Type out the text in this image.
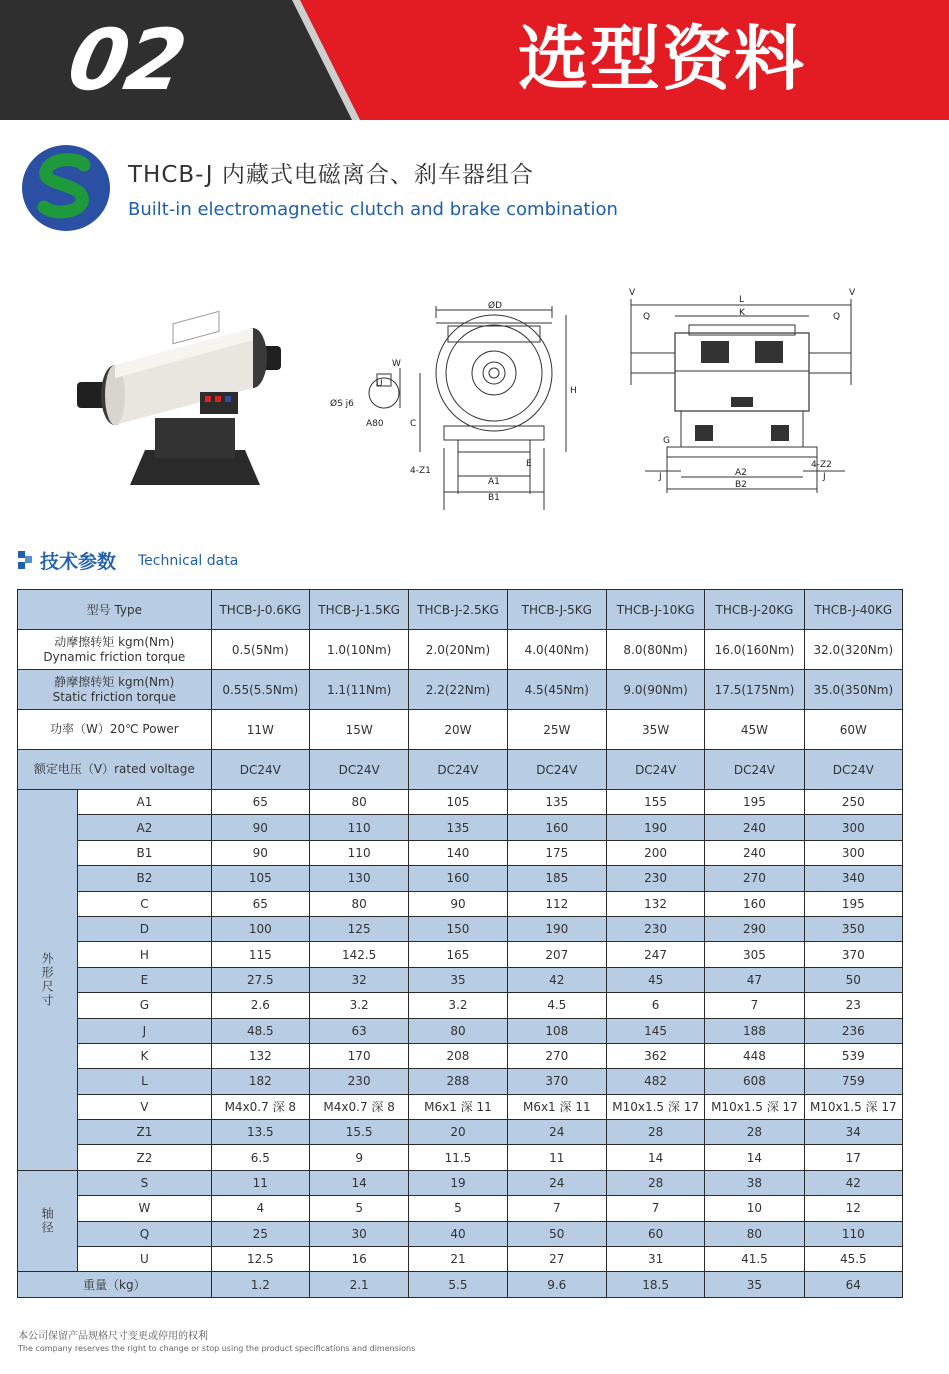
02	选型资料
THCB-J 内藏式电磁离合、刹车器组合
Built-in electromagnetic clutch and brake combination
ØD
ØS j6
W
U
A80	C
H
4-Z1
E
A1
B1
V	V
L
K
Q	Q
G
J	J
4-Z2
A2
B2
技术参数 Technical data
型号 Type		THCB-J-0.6KG	THCB-J-1.5KG	THCB-J-2.5KG	THCB-J-5KG	THCB-J-10KG	THCB-J-20KG	THCB-J-40KG

动摩擦转矩 kgm(Nm)
Dynamic friction torque		0.5(5Nm)	1.0(10Nm)	2.0(20Nm)	4.0(40Nm)	8.0(80Nm)	16.0(160Nm)	32.0(320Nm)

静摩擦转矩 kgm(Nm)
Static friction torque		0.55(5.5Nm)	1.1(11Nm)	2.2(22Nm)	4.5(45Nm)	9.0(90Nm)	17.5(175Nm)	35.0(350Nm)

功率（W）20℃ Power		11W	15W	20W	25W	35W	45W	60W

额定电压（V）rated voltage		DC24V	DC24V	DC24V	DC24V	DC24V	DC24V	DC24V

外形尺寸	A1	65	80	105	135	155	195	250
	A2	90	110	135	160	190	240	300
	B1	90	110	140	175	200	240	300
	B2	105	130	160	185	230	270	340
	C	65	80	90	112	132	160	195
	D	100	125	150	190	230	290	350
	H	115	142.5	165	207	247	305	370
	E	27.5	32	35	42	45	47	50
	G	2.6	3.2	3.2	4.5	6	7	23
	J	48.5	63	80	108	145	188	236
	K	132	170	208	270	362	448	539
	L	182	230	288	370	482	608	759
	V	M4x0.7 深 8	M4x0.7 深 8	M6x1 深 11	M6x1 深 11	M10x1.5 深 17	M10x1.5 深 17	M10x1.5 深 17
	Z1	13.5	15.5	20	24	28	28	34
	Z2	6.5	9	11.5	11	14	14	17

轴径	S	11	14	19	24	28	38	42
	W	4	5	5	7	7	10	12
	Q	25	30	40	50	60	80	110
	U	12.5	16	21	27	31	41.5	45.5
重量（kg）		1.2	2.1	5.5	9.6	18.5	35	64
本公司保留产品规格尺寸变更或停用的权利
The company reserves the right to change or stop using the product specifications and dimensions
